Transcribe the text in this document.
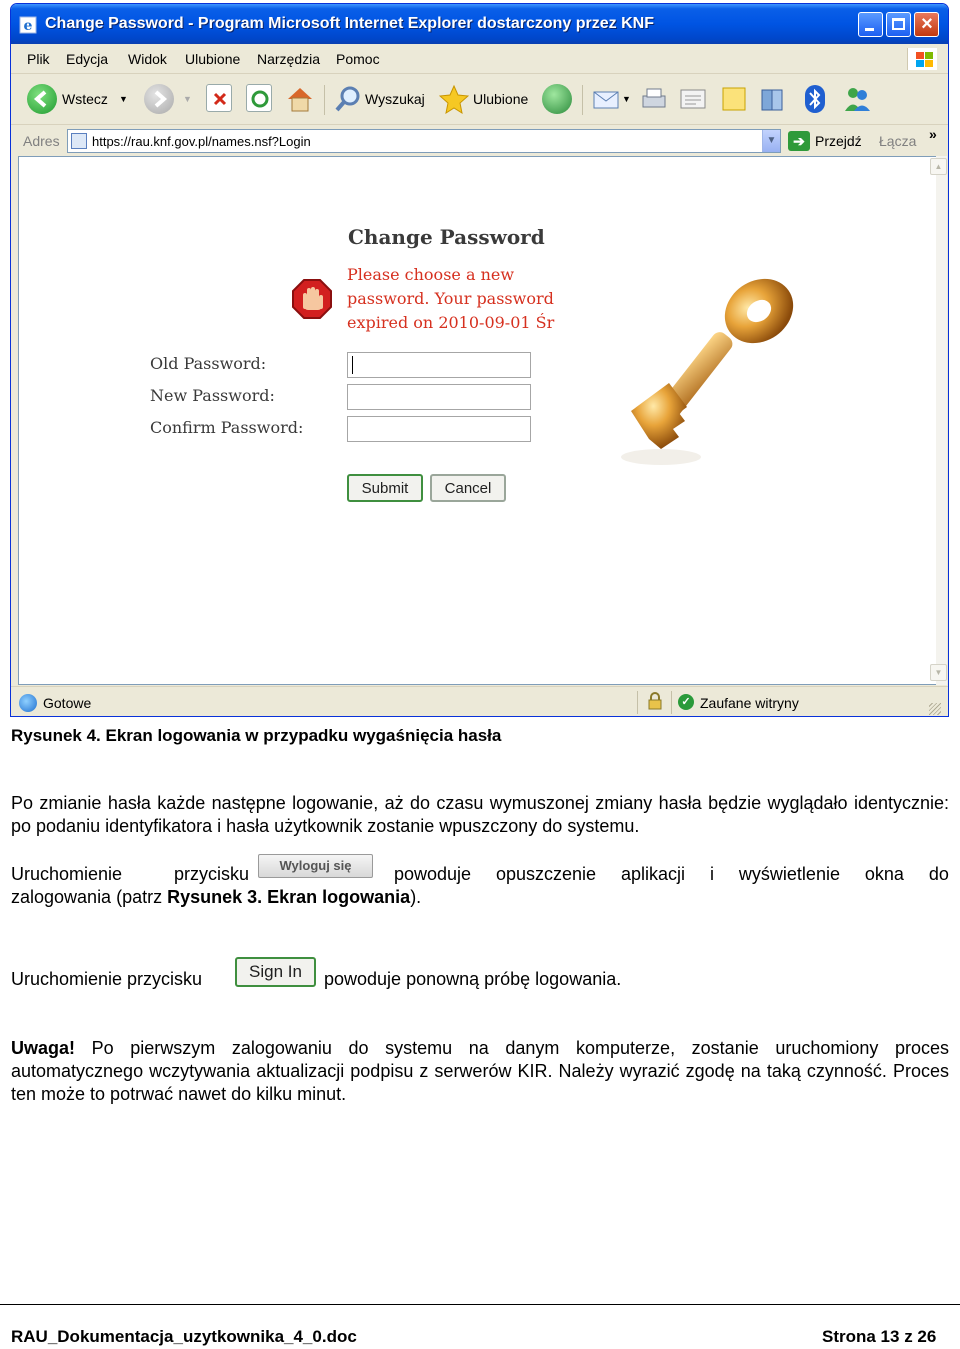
e Change Password - Program Microsoft Internet Explorer dostarczony przez KNF	×
Plik Edycja Widok Ulubione Narzędzia Pomoc
Wstecz ▼	▼	Wyszukaj	Ulubione	▼
Adres https://rau.knf.gov.pl/names.nsf?Login	▼	➔ Przejdź Łącza »
Change Password
Please choose a new password. Your password expired on 2010-09-01 Śr
Old Password:
New Password:
Confirm Password:
Submit	Cancel
▲
▼
Gotowe	✓ Zaufane witryny
Rysunek 4. Ekran logowania w przypadku wygaśnięcia hasła
Po zmianie hasła każde następne logowanie, aż do czasu wymuszonej zmiany hasła będzie wyglądało identycznie: po podaniu identyfikatora i hasła użytkownik zostanie wpuszczony do systemu.
Uruchomienie	przycisku	powoduje opuszczenie aplikacji i wyświetlenie okna do
Wyloguj się
zalogowania (patrz Rysunek 3. Ekran logowania).
Uruchomienie przycisku	Sign In	powoduje ponowną próbę logowania.
Uwaga! Po pierwszym zalogowaniu do systemu na danym komputerze, zostanie uruchomiony proces automatycznego wczytywania aktualizacji podpisu z serwerów KIR. Należy wyrazić zgodę na taką czynność. Proces ten może to potrwać nawet do kilku minut.
RAU_Dokumentacja_uzytkownika_4_0.doc	Strona 13 z 26
